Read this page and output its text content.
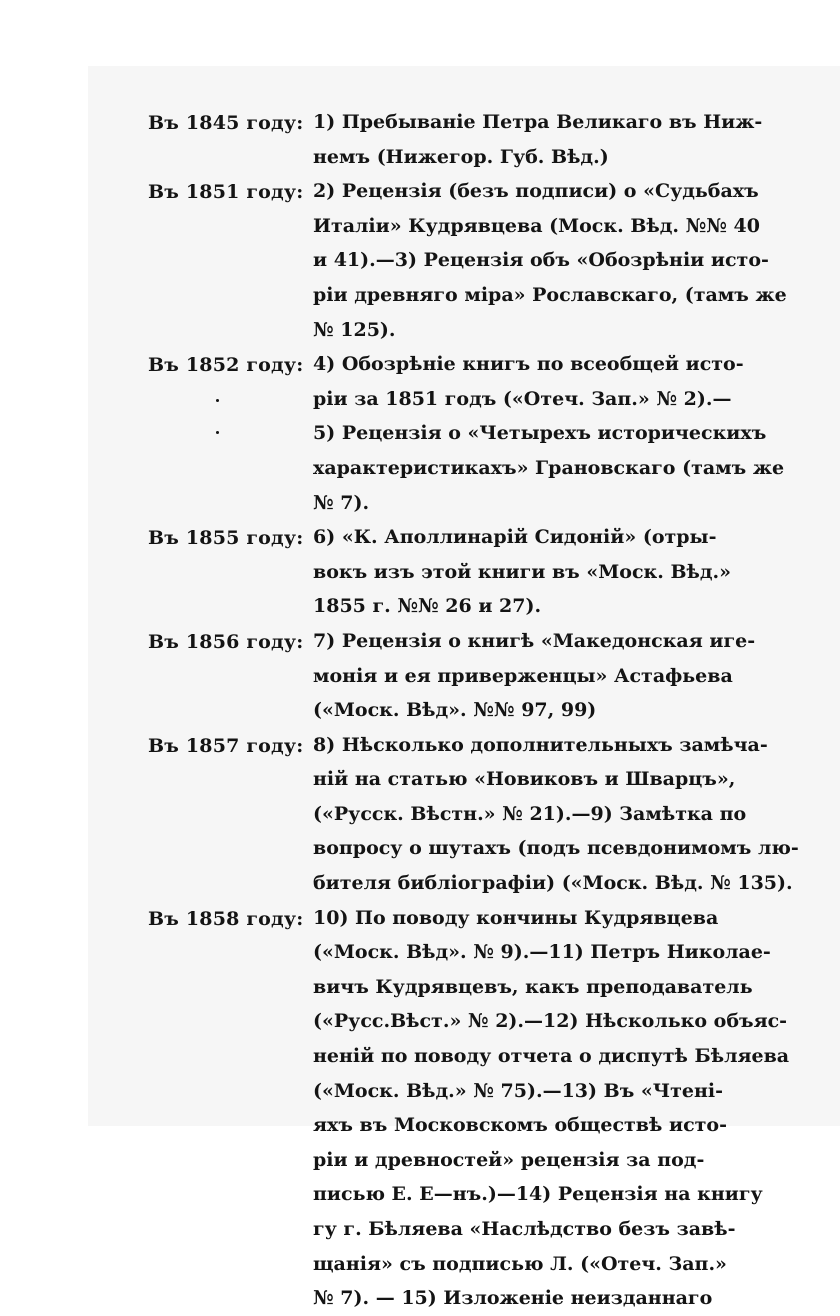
Въ 1845 году: 1) Пребываніе Петра Великаго въ Ниж-
немъ (Нижегор. Губ. Вѣд.)
Въ 1851 году: 2) Рецензія (безъ подписи) о «Судьбахъ
Италіи» Кудрявцева (Моск. Вѣд. №№ 40
и 41).—3) Рецензія объ «Обозрѣніи исто-
ріи древняго міра» Рославскаго, (тамъ же
№ 125).
Въ 1852 году: 4) Обозрѣніе книгъ по всеобщей исто-
ріи за 1851 годъ («Отеч. Зап.» № 2).—
5) Рецензія о «Четырехъ историческихъ
характеристикахъ» Грановскаго (тамъ же
№ 7).
Въ 1855 году: 6) «К. Аполлинарій Сидоній» (отры-
вокъ изъ этой книги въ «Моск. Вѣд.»
1855 г. №№ 26 и 27).
Въ 1856 году: 7) Рецензія о книгѣ «Македонская иге-
монія и ея приверженцы» Астафьева
(«Моск. Вѣд». №№ 97, 99)
Въ 1857 году: 8) Нѣсколько дополнительныхъ замѣча-
ній на статью «Новиковъ и Шварцъ»,
(«Русск. Вѣстн.» № 21).—9) Замѣтка по
вопросу о шутахъ (подъ псевдонимомъ лю-
бителя библіографіи) («Моск. Вѣд. № 135).
Въ 1858 году: 10) По поводу кончины Кудрявцева
(«Моск. Вѣд». № 9).—11) Петръ Николае-
вичъ Кудрявцевъ, какъ преподаватель
(«Русс.Вѣст.» № 2).—12) Нѣсколько объяс-
неній по поводу отчета о диспутѣ Бѣляева
(«Моск. Вѣд.» № 75).—13) Въ «Чтені-
яхъ въ Московскомъ обществѣ исто-
ріи и древностей» рецензія за под-
писью Е. Е—нъ.)—14) Рецензія на книгу
гу г. Бѣляева «Наслѣдство безъ завѣ-
щанія» съ подписью Л. («Отеч. Зап.»
№ 7). — 15) Изложеніе неизданнаго
